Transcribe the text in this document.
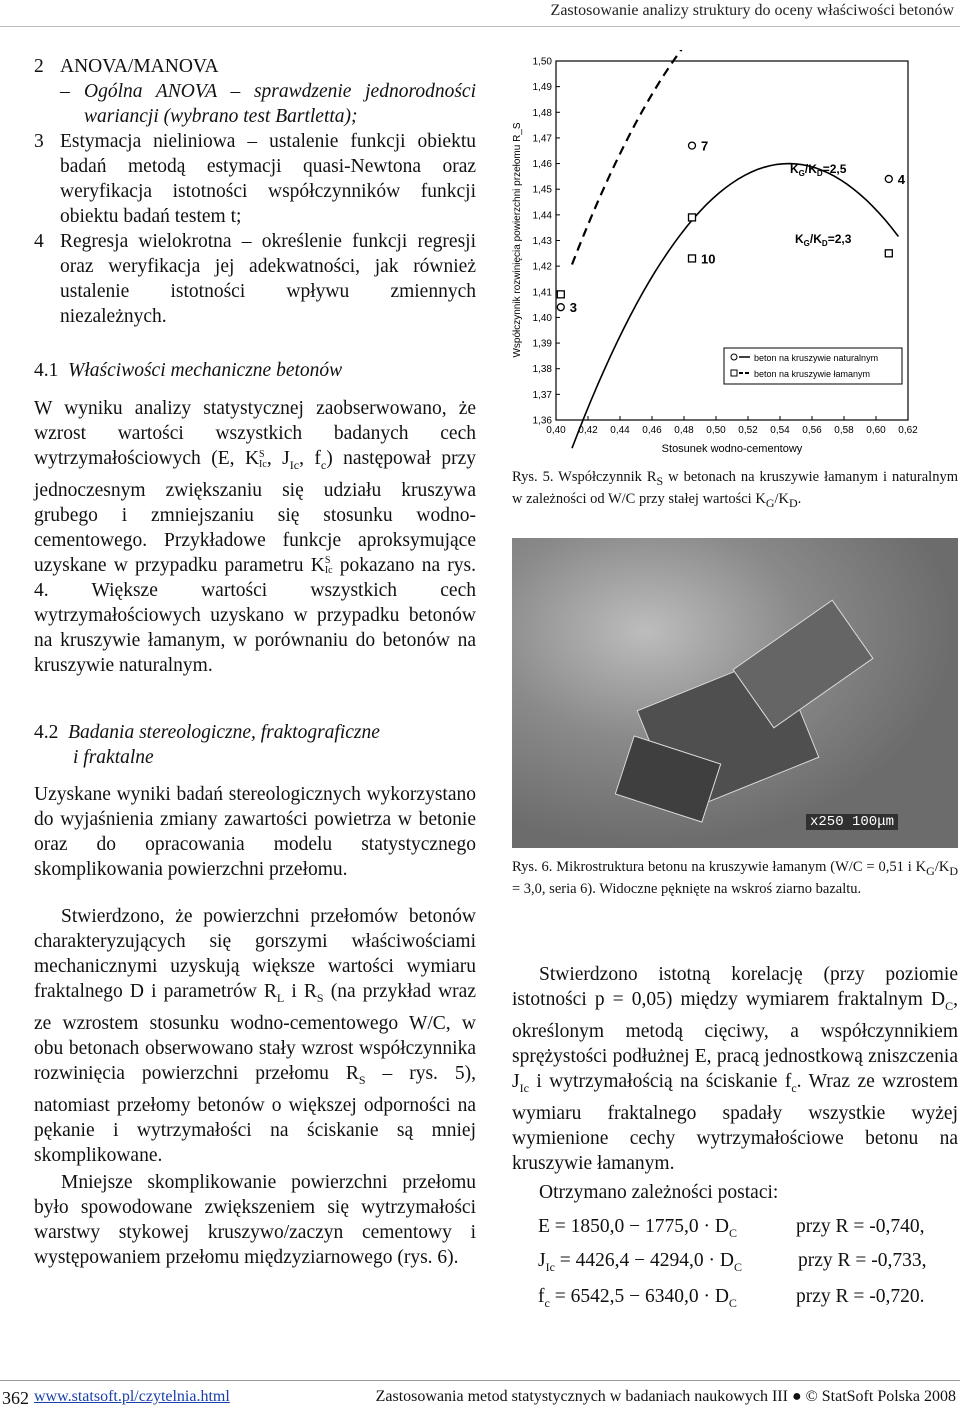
Zastosowanie analizy struktury do oceny właściwości betonów
2 ANOVA/MANOVA
– Ogólna ANOVA – sprawdzenie jednorodności wariancji (wybrano test Bartletta);
3 Estymacja nieliniowa – ustalenie funkcji obiektu badań metodą estymacji quasi-Newtona oraz weryfikacja istotności współczynników funkcji obiektu badań testem t;
4 Regresja wielokrotna – określenie funkcji regresji oraz weryfikacja jej adekwatności, jak również ustalenie istotności wpływu zmiennych niezależnych.
4.1 Właściwości mechaniczne betonów
W wyniku analizy statystycznej zaobserwowano, że wzrost wartości wszystkich badanych cech wytrzymałościowych (E, K S
Ic , $J_{Ic}$, $f_c$) następował przy jednoczesnym zwiększaniu się udziału kruszywa grubego i zmniejszaniu się stosunku wodno-cementowego. Przykładowe funkcje aproksymujące uzyskane w przypadku parametru K S
Ic pokazano na rys. 4. Większe wartości wszystkich cech wytrzymałościowych uzyskano w przypadku betonów na kruszywie łamanym, w porównaniu do betonów na kruszywie naturalnym.
4.2 Badania stereologiczne, fraktograficzne
i fraktalne
Uzyskane wyniki badań stereologicznych wykorzystano do wyjaśnienia zmiany zawartości powietrza w betonie oraz do opracowania modelu statystycznego skomplikowania powierzchni przełomu.
Stwierdzono, że powierzchni przełomów betonów charakteryzujących się gorszymi właściwościami mechanicznymi uzyskują większe wartości wymiaru fraktalnego D i parametrów $R_L$ i $R_S$ (na przykład wraz ze wzrostem stosunku wodno-cementowego W/C, w obu betonach obserwowano stały wzrost współczynnika rozwinięcia powierzchni przełomu $R_S$ – rys. 5), natomiast przełomy betonów o większej odporności na pękanie i wytrzymałości na ściskanie są mniej skomplikowane.
Mniejsze skomplikowanie powierzchni przełomu było spowodowane zwiększeniem się wytrzymałości warstwy stykowej kruszywo/zaczyn cementowy i występowaniem przełomu międzyziarnowego (rys. 6).
1,36
1,37
1,38
1,39
1,40
1,41
1,42
1,43
1,44
1,45
1,46
1,47
1,48
1,49
1,50
0,40 0,42 0,44 0,46 0,48 0,50 0,52 0,54 0,56 0,58 0,60 0,62
3
7
4
10
$K_G/K_D=2,5$
$K_G/K_D=2,3$
beton na kruszywie naturalnym
beton na kruszywie łamanym
Stosunek wodno-cementowy
Współczynnik rozwinięcia powierzchni przełomu R_S
Rys. 5. Współczynnik $R_S$ w betonach na kruszywie łamanym i naturalnym w zależności od W/C przy stałej wartości $K_G/K_D$.
x250 100μm
Rys. 6. Mikrostruktura betonu na kruszywie łamanym (W/C = 0,51 i $K_G/K_D = 3,0$, seria 6). Widoczne pęknięte na wskroś ziarno bazaltu.
Stwierdzono istotną korelację (przy poziomie istotności p = 0,05) między wymiarem fraktalnym $D_C$, określonym metodą cięciwy, a współczynnikiem sprężystości podłużnej E, pracą jednostkową zniszczenia $J_{Ic}$ i wytrzymałością na ściskanie $f_c$. Wraz ze wzrostem wymiaru fraktalnego spadały wszystkie wyżej wymienione cechy wytrzymałościowe betonu na kruszywie łamanym.
Otrzymano zależności postaci:
$E = 1850,0 - 1775,0 \cdot D_C$	przy R = -0,740,
$J_{Ic} = 4426,4 - 4294,0 \cdot D_C$	przy R = -0,733,
$f_c = 6542,5 - 6340,0 \cdot D_C$	przy R = -0,720.
362 www.statsoft.pl/czytelnia.html	Zastosowania metod statystycznych w badaniach naukowych III ● © StatSoft Polska 2008
